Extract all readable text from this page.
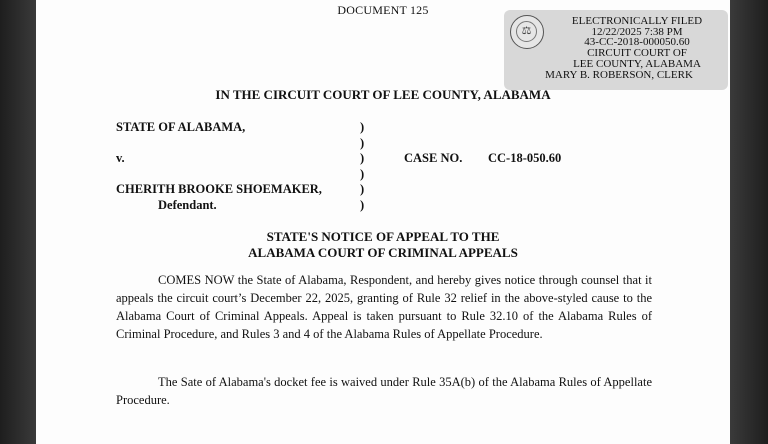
DOCUMENT 125
⚖
ELECTRONICALLY FILED
12/22/2025 7:38 PM
43-CC-2018-000050.60
CIRCUIT COURT OF
LEE COUNTY, ALABAMA
MARY B. ROBERSON, CLERK
IN THE CIRCUIT COURT OF LEE COUNTY, ALABAMA
STATE OF ALABAMA,
v.
CHERITH BROOKE SHOEMAKER,
Defendant.
)
)
)
)
)
)
CASE NO. CC-18-050.60
STATE'S NOTICE OF APPEAL TO THE
ALABAMA COURT OF CRIMINAL APPEALS
COMES NOW the State of Alabama, Respondent, and hereby gives notice through counsel that it appeals the circuit court’s December 22, 2025, granting of Rule 32 relief in the above-styled cause to the Alabama Court of Criminal Appeals. Appeal is taken pursuant to Rule 32.10 of the Alabama Rules of Criminal Procedure, and Rules 3 and 4 of the Alabama Rules of Appellate Procedure.
The Sate of Alabama's docket fee is waived under Rule 35A(b) of the Alabama Rules of Appellate Procedure.
